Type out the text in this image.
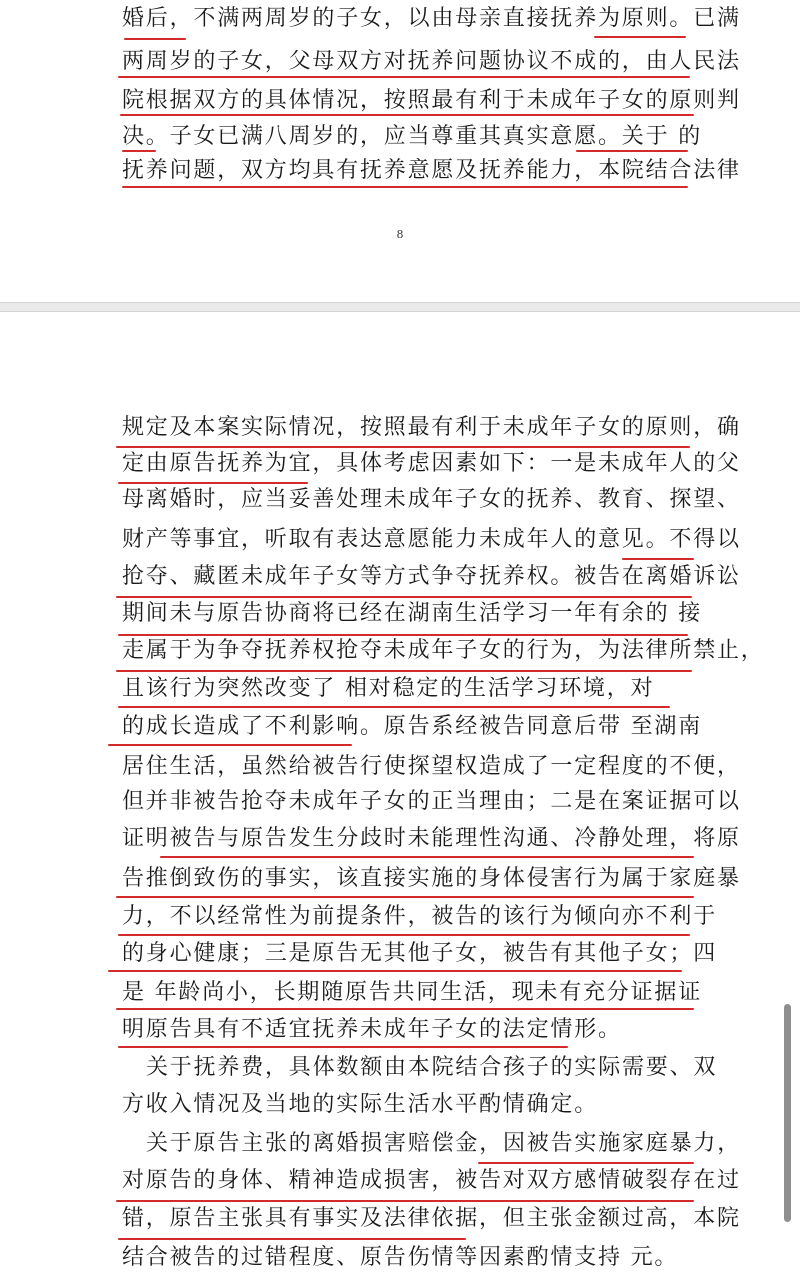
婚后，不满两周岁的子女，以由母亲直接抚养为原则。已满
两周岁的子女，父母双方对抚养问题协议不成的，由人民法
院根据双方的具体情况，按照最有利于未成年子女的原则判
决。子女已满八周岁的，应当尊重其真实意愿。关于 的
抚养问题，双方均具有抚养意愿及抚养能力，本院结合法律
8
规定及本案实际情况，按照最有利于未成年子女的原则，确
定由原告抚养为宜，具体考虑因素如下：一是未成年人的父
母离婚时，应当妥善处理未成年子女的抚养、教育、探望、
财产等事宜，听取有表达意愿能力未成年人的意见。不得以
抢夺、藏匿未成年子女等方式争夺抚养权。被告在离婚诉讼
期间未与原告协商将已经在湖南生活学习一年有余的 接
走属于为争夺抚养权抢夺未成年子女的行为，为法律所禁止，
且该行为突然改变了 相对稳定的生活学习环境，对
的成长造成了不利影响。原告系经被告同意后带 至湖南
居住生活，虽然给被告行使探望权造成了一定程度的不便，
但并非被告抢夺未成年子女的正当理由；二是在案证据可以
证明被告与原告发生分歧时未能理性沟通、冷静处理，将原
告推倒致伤的事实，该直接实施的身体侵害行为属于家庭暴
力，不以经常性为前提条件，被告的该行为倾向亦不利于
的身心健康；三是原告无其他子女，被告有其他子女；四
是 年龄尚小，长期随原告共同生活，现未有充分证据证
明原告具有不适宜抚养未成年子女的法定情形。
关于抚养费，具体数额由本院结合孩子的实际需要、双
方收入情况及当地的实际生活水平酌情确定。
关于原告主张的离婚损害赔偿金，因被告实施家庭暴力，
对原告的身体、精神造成损害，被告对双方感情破裂存在过
错，原告主张具有事实及法律依据，但主张金额过高，本院
结合被告的过错程度、原告伤情等因素酌情支持 元。
